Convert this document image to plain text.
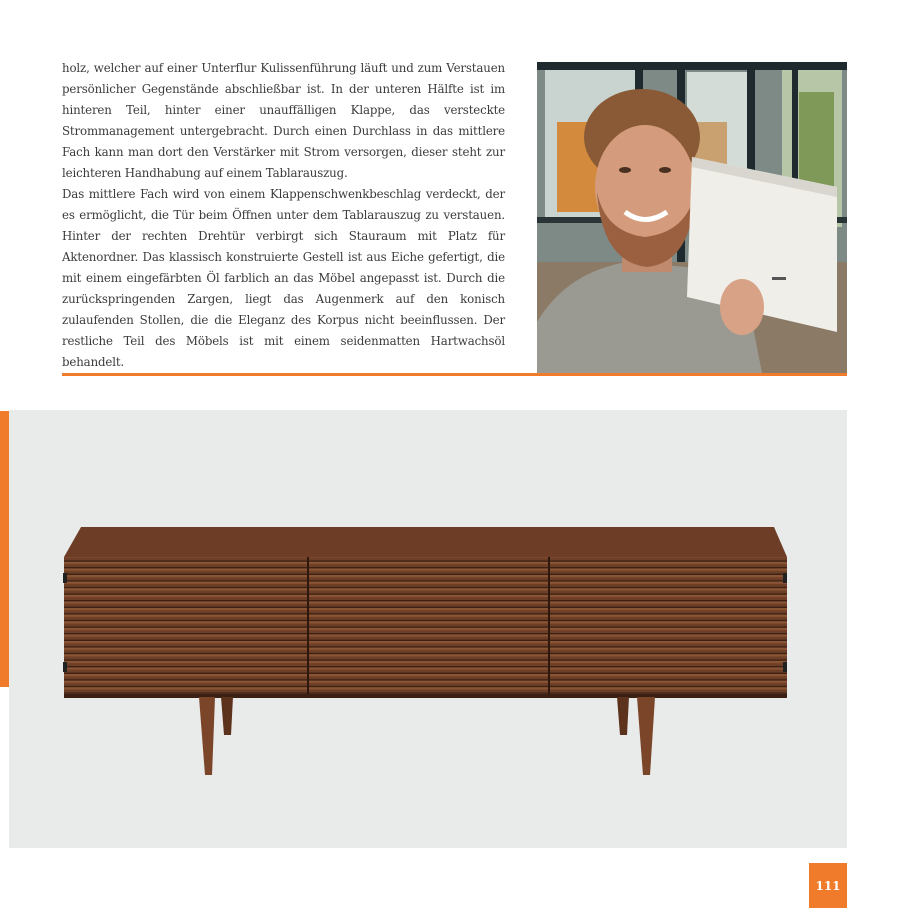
holz, welcher auf einer Unterflur Kulissenführung läuft und zum Verstauen persönlicher Gegenstände abschließbar ist. In der unteren Hälfte ist im hinteren Teil, hinter einer unauffälligen Klappe, das versteckte Strommanagement untergebracht. Durch einen Durchlass in das mittlere Fach kann man dort den Verstärker mit Strom versorgen, dieser steht zur leichteren Handhabung auf einem Tablarauszug.

Das mittlere Fach wird von einem Klappenschwenkbeschlag verdeckt, der es ermöglicht, die Tür beim Öffnen unter dem Tablarauszug zu verstauen. Hinter der rechten Drehtür verbirgt sich Stauraum mit Platz für Aktenordner. Das klassisch konstruierte Gestell ist aus Eiche gefertigt, die mit einem eingefärbten Öl farblich an das Möbel angepasst ist. Durch die zurückspringenden Zargen, liegt das Augenmerk auf den konisch zulaufenden Stollen, die die Eleganz des Korpus nicht beeinflussen. Der restliche Teil des Möbels ist mit einem seidenmatten Hartwachsöl behandelt.

111
